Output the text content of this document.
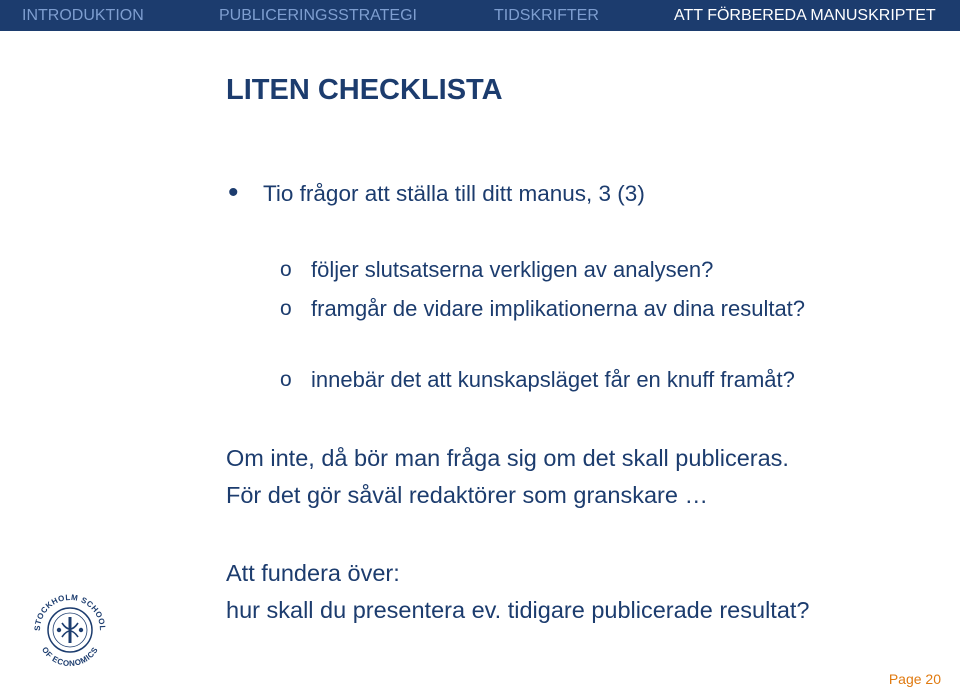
INTRODUKTION	PUBLICERINGSSTRATEGI	TIDSKRIFTER	ATT FÖRBEREDA MANUSKRIPTET
LITEN CHECKLISTA
• Tio frågor att ställa till ditt manus, 3 (3)
o följer slutsatserna verkligen av analysen?
o framgår de vidare implikationerna av dina resultat?
o innebär det att kunskapsläget får en knuff framåt?
Om inte, då bör man fråga sig om det skall publiceras.
För det gör såväl redaktörer som granskare …
Att fundera över:
hur skall du presentera ev. tidigare publicerade resultat?
STOCKHOLM SCHOOL
OF ECONOMICS
Page 20
